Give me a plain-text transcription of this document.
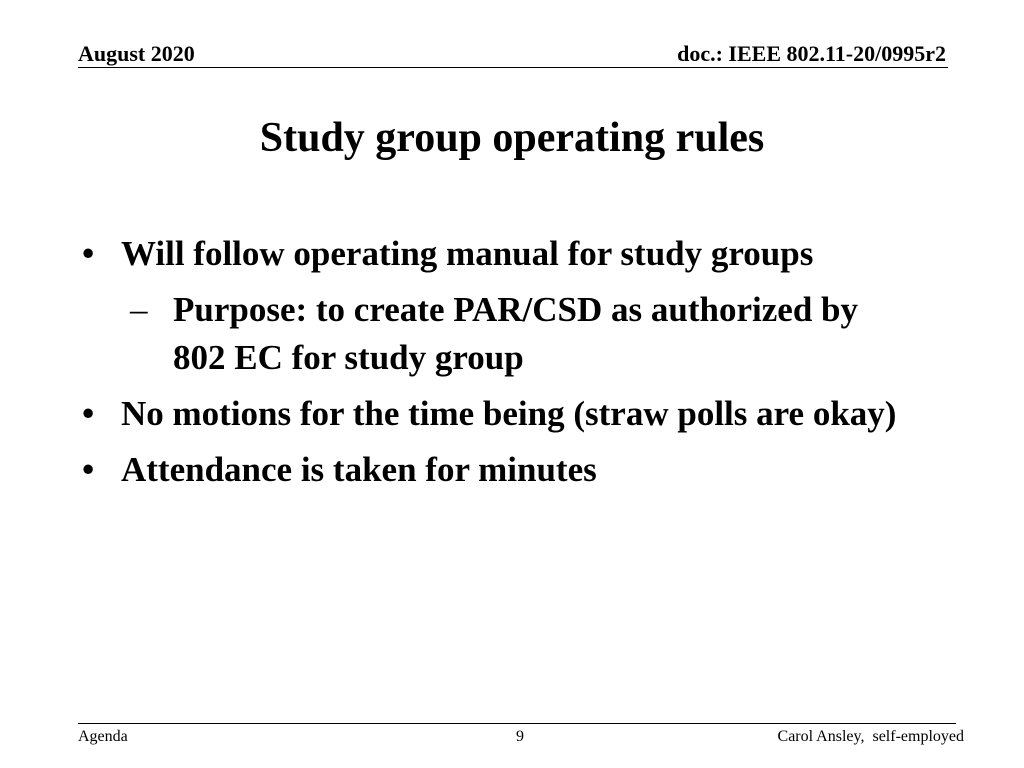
August 2020	doc.: IEEE 802.11-20/0995r2
Study group operating rules
• Will follow operating manual for study groups
– Purpose: to create PAR/CSD as authorized by 802 EC for study group
• No motions for the time being (straw polls are okay)
• Attendance is taken for minutes
Agenda	9	Carol Ansley,  self-employed
